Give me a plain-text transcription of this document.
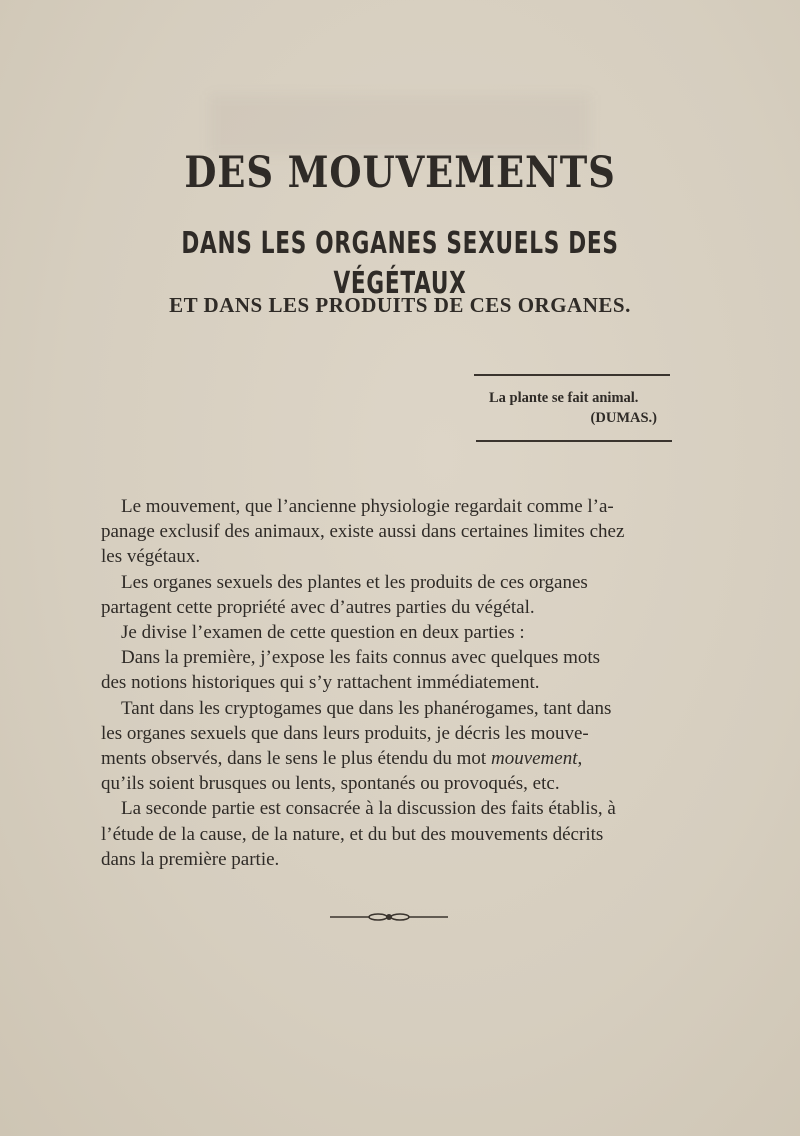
DES MOUVEMENTS
DANS LES ORGANES SEXUELS DES VÉGÉTAUX
ET DANS LES PRODUITS DE CES ORGANES.
La plante se fait animal.
(DUMAS.)

Le mouvement, que l’ancienne physiologie regardait comme l’a-
panage exclusif des animaux, existe aussi dans certaines limites chez
les végétaux.

Les organes sexuels des plantes et les produits de ces organes
partagent cette propriété avec d’autres parties du végétal.

Je divise l’examen de cette question en deux parties :

Dans la première, j’expose les faits connus avec quelques mots
des notions historiques qui s’y rattachent immédiatement.

Tant dans les cryptogames que dans les phanérogames, tant dans
les organes sexuels que dans leurs produits, je décris les mouve-
ments observés, dans le sens le plus étendu du mot mouvement,
qu’ils soient brusques ou lents, spontanés ou provoqués, etc.

La seconde partie est consacrée à la discussion des faits établis, à
l’étude de la cause, de la nature, et du but des mouvements décrits
dans la première partie.
